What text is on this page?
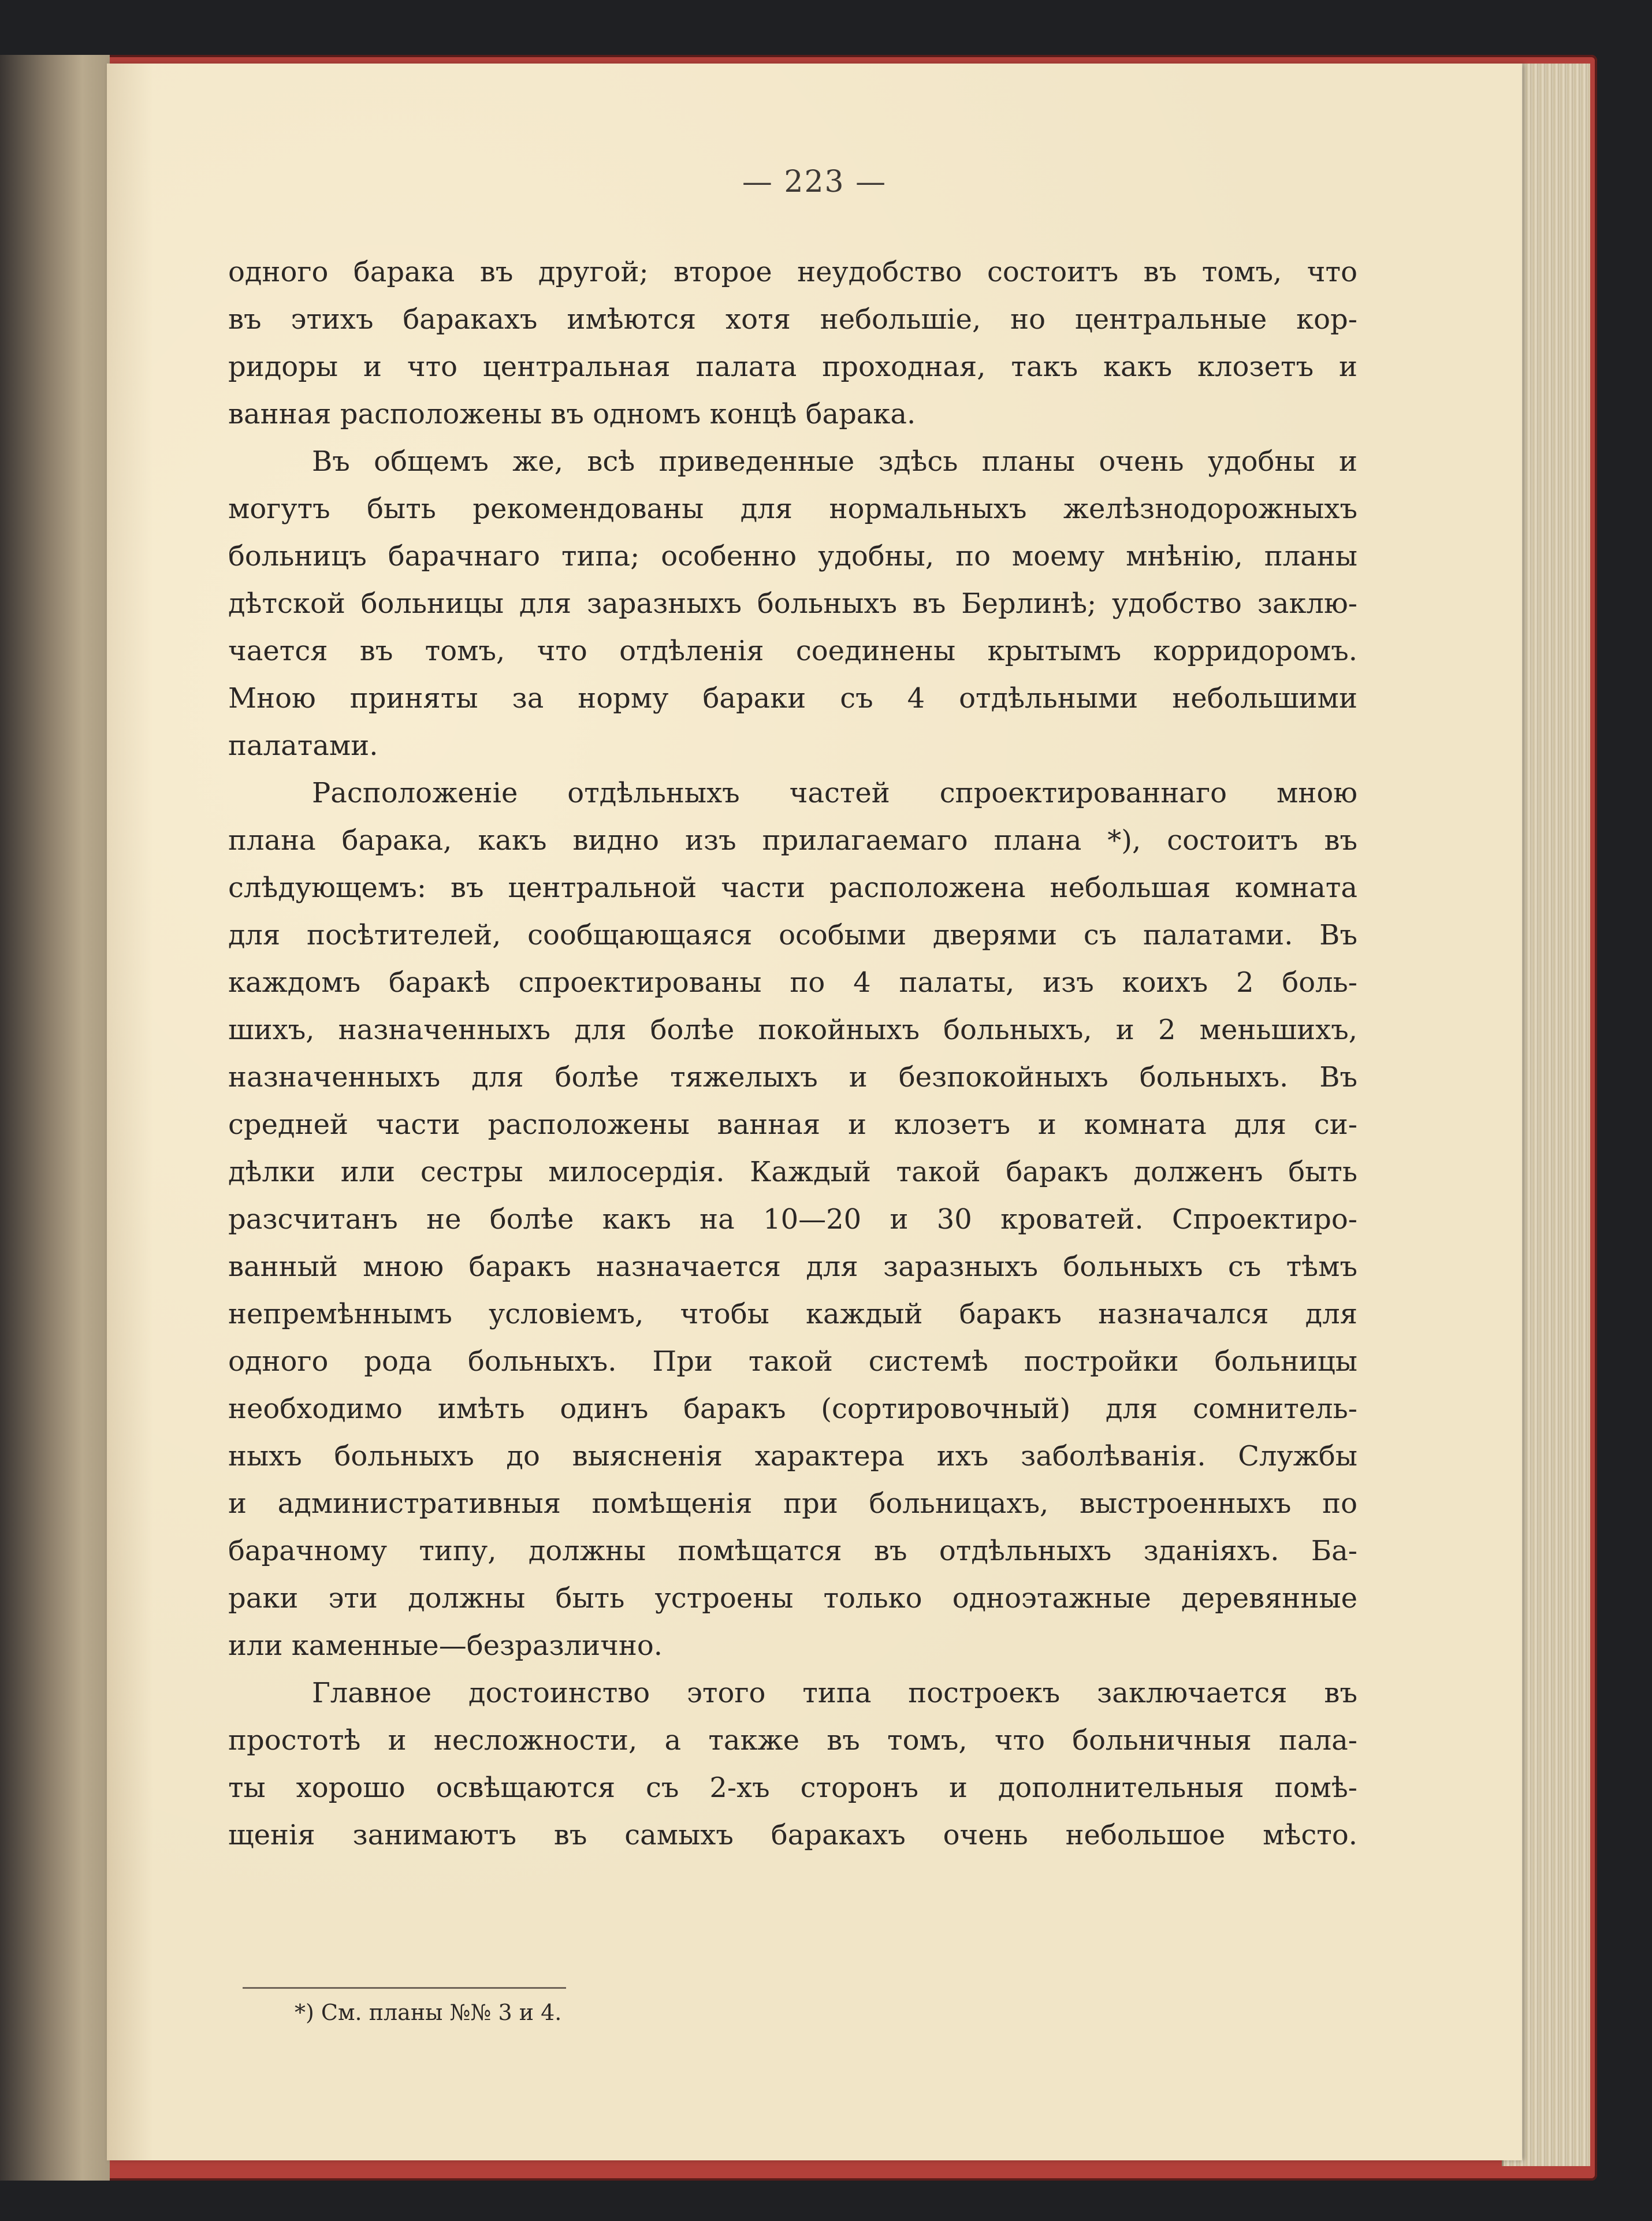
— 223 —
одного барака въ другой; второе неудобство состоитъ въ томъ, что
въ этихъ баракахъ имѣются хотя небольшіе, но центральные кор-
ридоры и что центральная палата проходная, такъ какъ клозетъ и
ванная расположены въ одномъ концѣ барака.
Въ общемъ же, всѣ приведенные здѣсь планы очень удобны и
могутъ быть рекомендованы для нормальныхъ желѣзнодорожныхъ
больницъ барачнаго типа; особенно удобны, по моему мнѣнію, планы
дѣтской больницы для заразныхъ больныхъ въ Берлинѣ; удобство заклю-
чается въ томъ, что отдѣленія соединены крытымъ корридоромъ.
Мною приняты за норму бараки съ 4 отдѣльными небольшими
палатами.
Расположеніе отдѣльныхъ частей спроектированнаго мною
плана барака, какъ видно изъ прилагаемаго плана *), состоитъ въ
слѣдующемъ: въ центральной части расположена небольшая комната
для посѣтителей, сообщающаяся особыми дверями съ палатами. Въ
каждомъ баракѣ спроектированы по 4 палаты, изъ коихъ 2 боль-
шихъ, назначенныхъ для болѣе покойныхъ больныхъ, и 2 меньшихъ,
назначенныхъ для болѣе тяжелыхъ и безпокойныхъ больныхъ. Въ
средней части расположены ванная и клозетъ и комната для си-
дѣлки или сестры милосердія. Каждый такой баракъ долженъ быть
разсчитанъ не болѣе какъ на 10—20 и 30 кроватей. Спроектиро-
ванный мною баракъ назначается для заразныхъ больныхъ съ тѣмъ
непремѣннымъ условіемъ, чтобы каждый баракъ назначался для
одного рода больныхъ. При такой системѣ постройки больницы
необходимо имѣть одинъ баракъ (сортировочный) для сомнитель-
ныхъ больныхъ до выясненія характера ихъ заболѣванія. Службы
и административныя помѣщенія при больницахъ, выстроенныхъ по
барачному типу, должны помѣщатся въ отдѣльныхъ зданіяхъ. Ба-
раки эти должны быть устроены только одноэтажные деревянные
или каменные—безразлично.
Главное достоинство этого типа построекъ заключается въ
простотѣ и несложности, а также въ томъ, что больничныя пала-
ты хорошо освѣщаются съ 2-хъ сторонъ и дополнительныя помѣ-
щенія занимаютъ въ самыхъ баракахъ очень небольшое мѣсто.
*) См. планы №№ 3 и 4.
